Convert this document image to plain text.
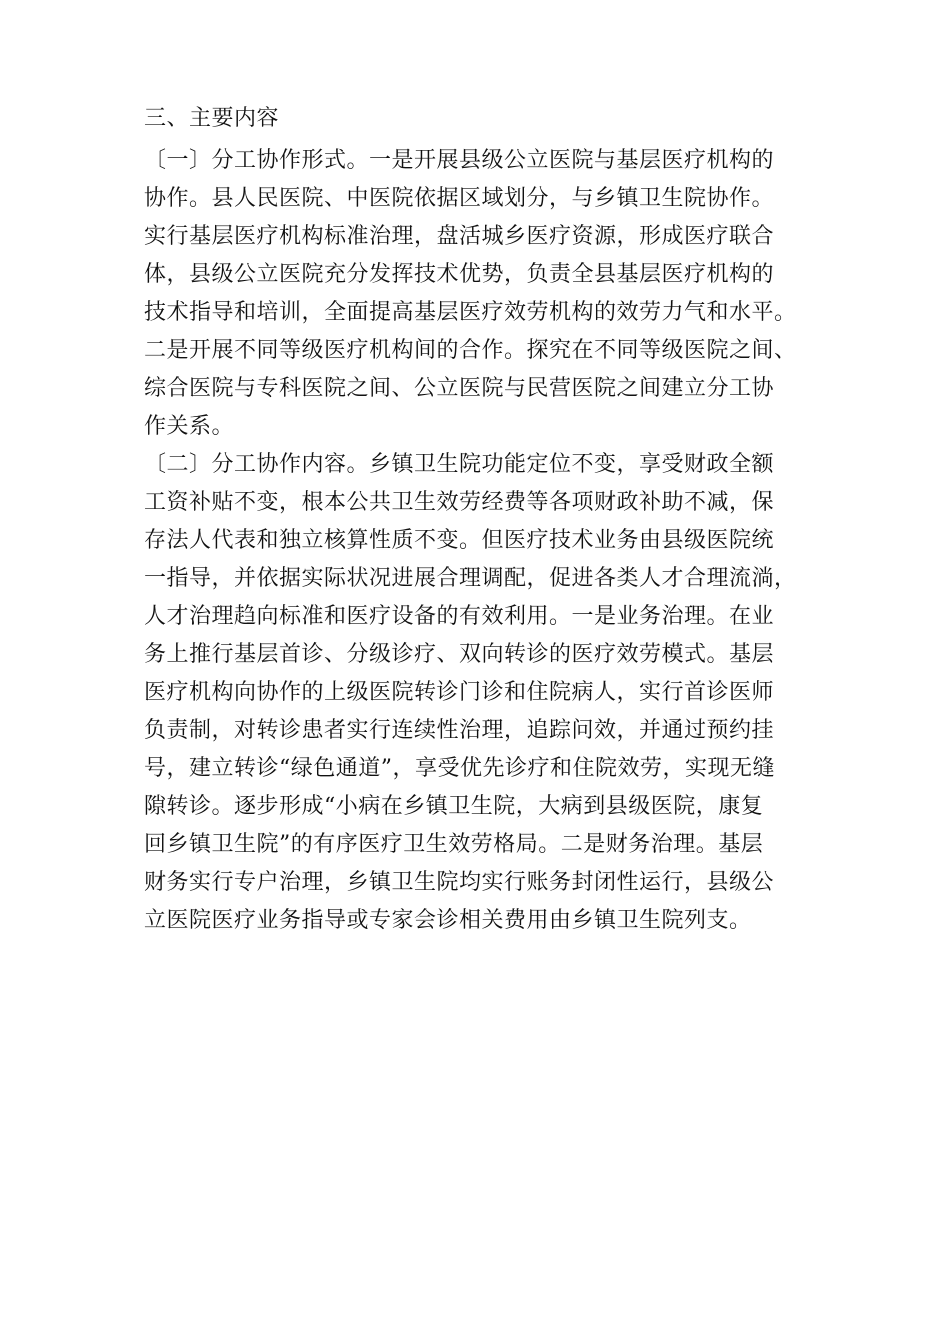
三、主要内容
〔一〕分工协作形式。一是开展县级公立医院与基层医疗机构的
协作。县人民医院、中医院依据区域划分，与乡镇卫生院协作。
实行基层医疗机构标准治理，盘活城乡医疗资源，形成医疗联合
体，县级公立医院充分发挥技术优势，负责全县基层医疗机构的
技术指导和培训，全面提高基层医疗效劳机构的效劳力气和水平。
二是开展不同等级医疗机构间的合作。探究在不同等级医院之间、
综合医院与专科医院之间、公立医院与民营医院之间建立分工协
作关系。
〔二〕分工协作内容。乡镇卫生院功能定位不变，享受财政全额
工资补贴不变，根本公共卫生效劳经费等各项财政补助不减，保
存法人代表和独立核算性质不变。但医疗技术业务由县级医院统
一指导，并依据实际状况进展合理调配，促进各类人才合理流淌，
人才治理趋向标准和医疗设备的有效利用。一是业务治理。在业
务上推行基层首诊、分级诊疗、双向转诊的医疗效劳模式。基层
医疗机构向协作的上级医院转诊门诊和住院病人，实行首诊医师
负责制，对转诊患者实行连续性治理，追踪问效，并通过预约挂
号，建立转诊“绿色通道”，享受优先诊疗和住院效劳，实现无缝
隙转诊。逐步形成“小病在乡镇卫生院，大病到县级医院，康复
回乡镇卫生院”的有序医疗卫生效劳格局。二是财务治理。基层
财务实行专户治理，乡镇卫生院均实行账务封闭性运行，县级公
立医院医疗业务指导或专家会诊相关费用由乡镇卫生院列支。
